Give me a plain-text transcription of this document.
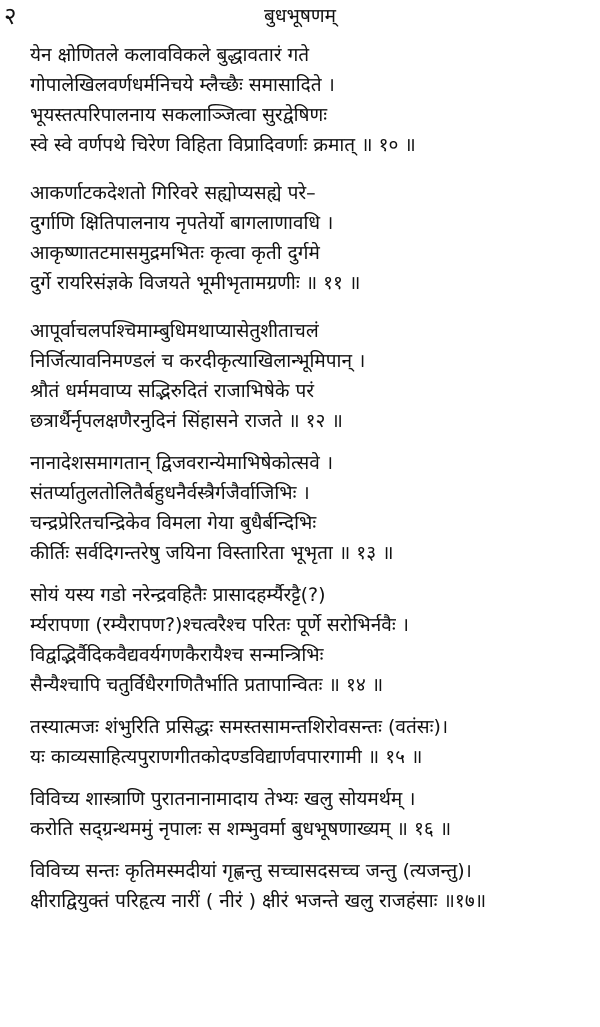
२	बुधभूषणम्
येन क्षोणितले कलावविकले बुद्धावतारं गते
गोपालेखिलवर्णधर्मनिचये म्लैच्छैः समासादिते ।
भूयस्तत्परिपालनाय सकलाञ्जित्वा सुरद्वेषिणः
स्वे स्वे वर्णपथे चिरेण विहिता विप्रादिवर्णाः क्रमात् ॥ १० ॥
आकर्णाटकदेशतो गिरिवरे सह्योप्यसह्ये परे–
दुर्गाणि क्षितिपालनाय नृपतेर्यो बागलाणावधि ।
आकृष्णातटमासमुद्रमभितः कृत्वा कृती दुर्गमे
दुर्गे रायरिसंज्ञके विजयते भूमीभृतामग्रणीः ॥ ११ ॥
आपूर्वाचलपश्चिमाम्बुधिमथाप्यासेतुशीताचलं
निर्जित्यावनिमण्डलं च करदीकृत्याखिलान्भूमिपान् ।
श्रौतं धर्ममवाप्य सद्भिरुदितं राजाभिषेके परं
छत्रार्थैर्नृपलक्षणैरनुदिनं सिंहासने राजते ॥ १२ ॥
नानादेशसमागतान् द्विजवरान्येमाभिषेकोत्सवे ।
संतर्प्यातुलतोलितैर्बहुधनैर्वस्त्रैर्गजैर्वाजिभिः ।
चन्द्रप्रेरितचन्द्रिकेव विमला गेया बुधैर्बन्दिभिः
कीर्तिः सर्वदिगन्तरेषु जयिना विस्तारिता भूभृता ॥ १३ ॥
सोयं यस्य गडो नरेन्द्रवहितैः प्रासादहर्म्यैरट्टै(?)
र्म्यरापणा (रम्यैरापण?)श्चत्वरैश्च परितः पूर्णे सरोभिर्नवैः ।
विद्वद्भिर्वैदिकवैद्यवर्यगणकैरायैश्च सन्मन्त्रिभिः
सैन्यैश्चापि चतुर्विधैरगणितैर्भाति प्रतापान्वितः ॥ १४ ॥
तस्यात्मजः शंभुरिति प्रसिद्धः समस्तसामन्तशिरोवसन्तः (वतंसः)।
यः काव्यसाहित्यपुराणगीतकोदण्डविद्यार्णवपारगामी ॥ १५ ॥
विविच्य शास्त्राणि पुरातनानामादाय तेभ्यः खलु सोयमर्थम् ।
करोति सद्ग्रन्थममुं नृपालः स शम्भुवर्मा बुधभूषणाख्यम् ॥ १६ ॥
विविच्य सन्तः कृतिमस्मदीयां गृह्णन्तु सच्चासदसच्च जन्तु (त्यजन्तु)।
क्षीराद्वियुक्तं परिहृत्य नारीं ( नीरं ) क्षीरं भजन्ते खलु राजहंसाः ॥१७॥
